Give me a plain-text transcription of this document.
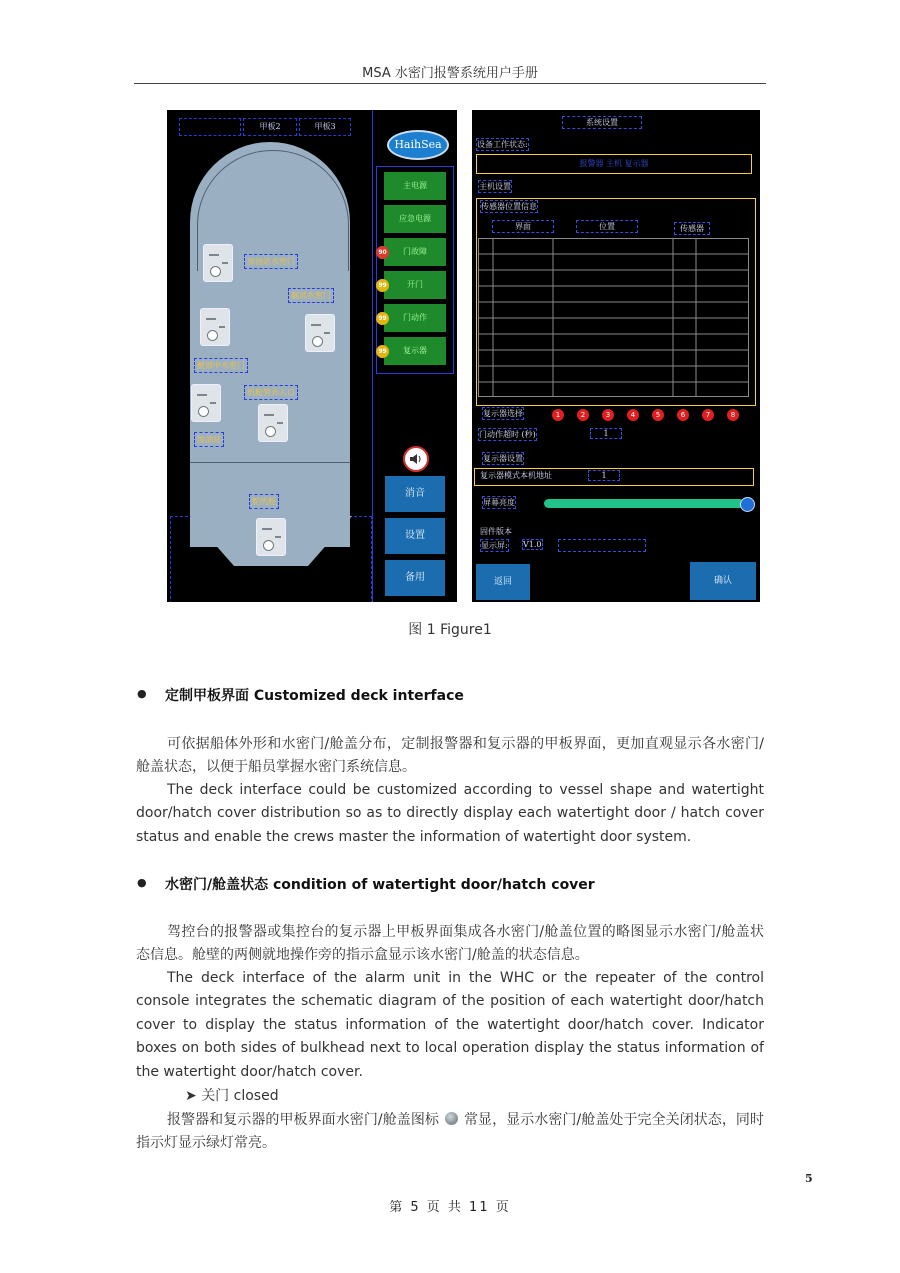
MSA 水密门报警系统用户手册
甲板2	甲板3
加油站水密门
艉部水密门
艉部中水密门
机舱管弄入口
加油站
舵机舱
HaihSea
主电源
应急电源
门故障
开门
门动作
复示器
90
99
99
99
消音
设置
备用
系统设置
设备工作状态:
报警器 主机 复示器
主机设置
传感器位置信息
界面	位置	传感器
复示器选择	1	2	3	4	5	6	7	8
门动作超时 (秒)	1
复示器设置
复示器模式本机地址	1
屏幕亮度
固件版本
显示屏: V1.0
返回	确认
图 1 Figure1
● 定制甲板界面 Customized deck interface
可依据船体外形和水密门/舱盖分布，定制报警器和复示器的甲板界面，更加直观显示各水密门/ 舱盖状态，以便于船员掌握水密门系统信息。
The deck interface could be customized according to vessel shape and watertight door/hatch cover distribution so as to directly display each watertight door / hatch cover status and enable the crews master the information of watertight door system.
● 水密门/舱盖状态 condition of watertight door/hatch cover
驾控台的报警器或集控台的复示器上甲板界面集成各水密门/舱盖位置的略图显示水密门/舱盖状态信息。舱壁的两侧就地操作旁的指示盒显示该水密门/舱盖的状态信息。
The deck interface of the alarm unit in the WHC or the repeater of the control console integrates the schematic diagram of the position of each watertight door/hatch cover to display the status information of the watertight door/hatch cover. Indicator boxes on both sides of bulkhead next to local operation display the status information of the watertight door/hatch cover.
➤ 关门 closed
报警器和复示器的甲板界面水密门/舱盖图标 常显，显示水密门/舱盖处于完全关闭状态，同时指示灯显示绿灯常亮。
5
第 5 页 共 11 页
